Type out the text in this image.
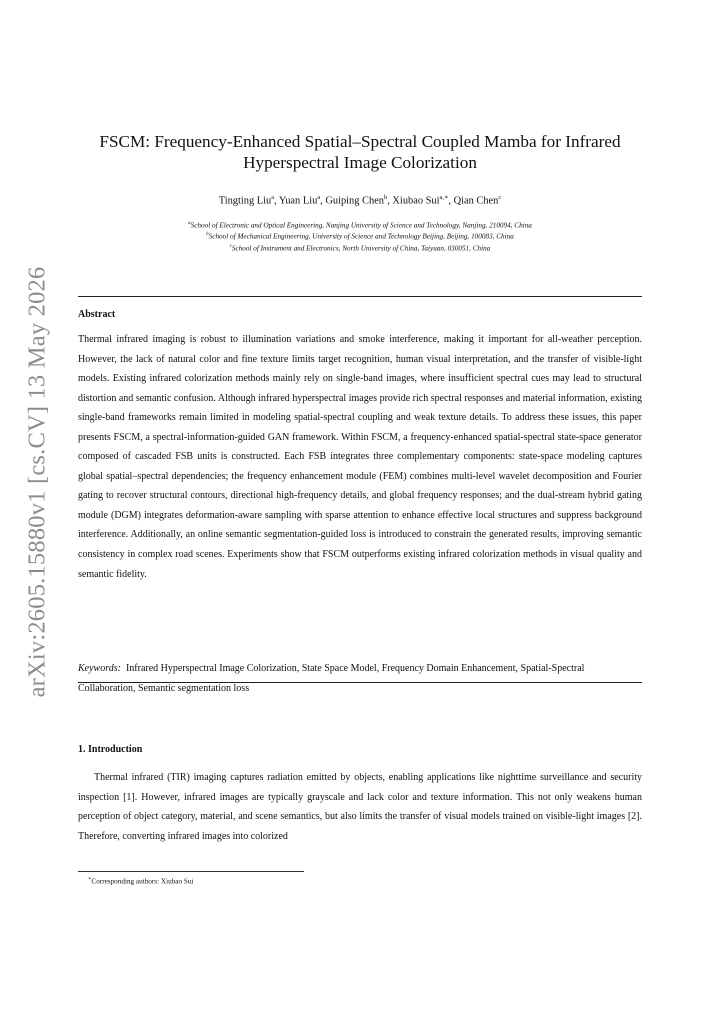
arXiv:2605.15880v1 [cs.CV] 13 May 2026
FSCM: Frequency-Enhanced Spatial–Spectral Coupled Mamba for Infrared
Hyperspectral Image Colorization
Tingting Liu$^a$, Yuan Liu$^a$, Guiping Chen$^b$, Xiubao Sui$^{a,∗}$, Qian Chen$^c$
$^a$School of Electronic and Optical Engineering, Nanjing University of Science and Technology, Nanjing, 210094, China
$^b$School of Mechanical Engineering, University of Science and Technology Beijing, Beijing, 100083, China
$^c$School of Instrument and Electronics, North University of China, Taiyuan, 030051, China
Abstract

Thermal infrared imaging is robust to illumination variations and smoke interference, making it important for all-weather perception. However, the lack of natural color and fine texture limits target recognition, human visual interpretation, and the transfer of visible-light models. Existing infrared colorization methods mainly rely on single-band images, where insufficient spectral cues may lead to structural distortion and semantic confusion. Although infrared hyperspectral images provide rich spectral responses and material information, existing single-band frameworks remain limited in modeling spatial-spectral coupling and weak texture details. To address these issues, this paper presents FSCM, a spectral-information-guided GAN framework. Within FSCM, a frequency-enhanced spatial-spectral state-space generator composed of cascaded FSB units is constructed. Each FSB integrates three complementary components: state-space modeling captures global spatial–spectral dependencies; the frequency enhancement module (FEM) combines multi-level wavelet decomposition and Fourier gating to recover structural contours, directional high-frequency details, and global frequency responses; and the dual-stream hybrid gating module (DGM) integrates deformation-aware sampling with sparse attention to enhance effective local structures and suppress background interference. Additionally, an online semantic segmentation-guided loss is introduced to constrain the generated results, improving semantic consistency in complex road scenes. Experiments show that FSCM outperforms existing infrared colorization methods in visual quality and semantic fidelity.

Keywords: Infrared Hyperspectral Image Colorization, State Space Model, Frequency Domain Enhancement, Spatial-Spectral Collaboration, Semantic segmentation loss

1. Introduction

Thermal infrared (TIR) imaging captures radiation emitted by objects, enabling applications like nighttime surveillance and security inspection [1]. However, infrared images are typically grayscale and lack color and texture information. This not only weakens human perception of object category, material, and scene semantics, but also limits the transfer of visual models trained on visible-light images [2]. Therefore, converting infrared images into colorized

∗Corresponding authors: Xiubao Sui
